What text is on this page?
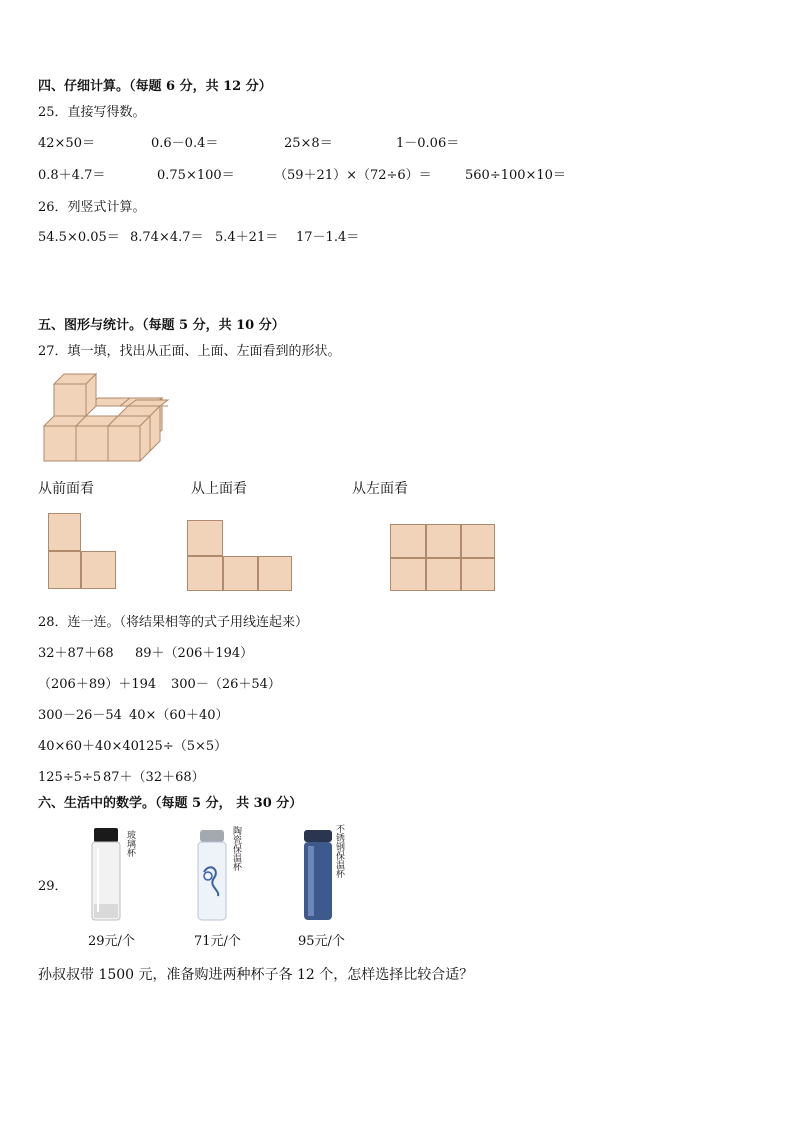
四、仔细计算。（每题 6 分，共 12 分）
25．直接写得数。
42×50＝	0.6－0.4＝	25×8＝	1－0.06＝
0.8＋4.7＝	0.75×100＝	（59＋21）×（72÷6）＝	560÷100×10＝
26．列竖式计算。
54.5×0.05＝ 8.74×4.7＝ 5.4＋21＝ 17－1.4＝
五、图形与统计。（每题 5 分，共 10 分）
27．填一填，找出从正面、上面、左面看到的形状。
从前面看	从上面看	从左面看
28．连一连。（将结果相等的式子用线连起来）
32＋87＋68 89＋（206＋194）
（206＋89）＋194 300－（26＋54）
300－26－54 40×（60＋40）
40×60＋40×40 125÷（5×5）
125÷5÷5 87＋（32＋68）
六、生活中的数学。（每题 5 分， 共 30 分）
29．
玻璃杯
29元/个
陶瓷保温杯
71元/个
不锈钢保温杯
95元/个
孙叔叔带 1500 元，准备购进两种杯子各 12 个，怎样选择比较合适？
